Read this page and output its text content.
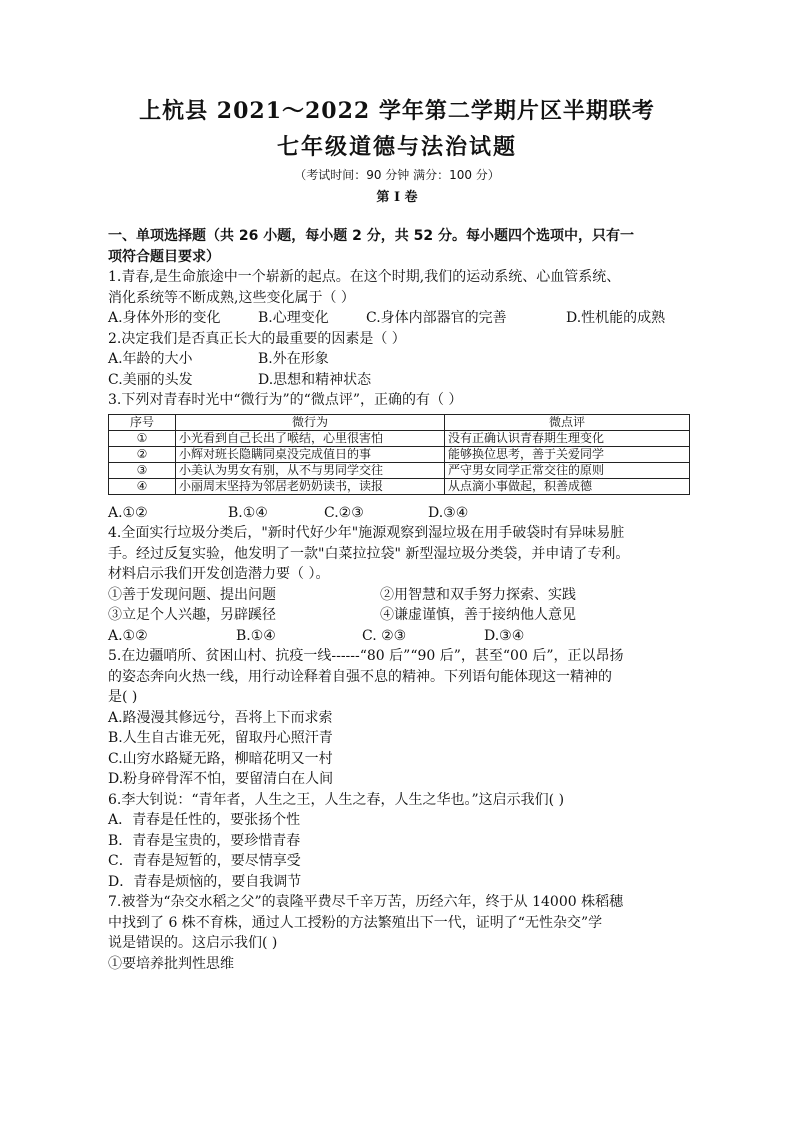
上杭县 2021～2022 学年第二学期片区半期联考
七年级道德与法治试题
（考试时间：90 分钟 满分：100 分）
第 Ⅰ 卷

一、单项选择题（共 26 小题，每小题 2 分，共 52 分。每小题四个选项中，只有一

项符合题目要求）

1.青春,是生命旅途中一个崭新的起点。在这个时期,我们的运动系统、心血管系统、

消化系统等不断成熟,这些变化属于（ ）

A.身体外形的变化	B.心理变化	C.身体内部器官的完善	D.性机能的成熟

2.决定我们是否真正长大的最重要的因素是（ ）

A.年龄的大小	B.外在形象
C.美丽的头发	D.思想和精神状态

3.下列对青春时光中“微行为”的“微点评”，正确的有（ ）

序号	微行为	微点评
①	小光看到自己长出了喉结，心里很害怕	没有正确认识青春期生理变化
②	小辉对班长隐瞒同桌没完成值日的事	能够换位思考，善于关爱同学
③	小美认为男女有别，从不与男同学交往	严守男女同学正常交往的原则
④	小丽周末坚持为邻居老奶奶读书，读报	从点滴小事做起，积善成德
A.①②	B.①④	C.②③	D.③④

4.全面实行垃圾分类后，"新时代好少年"施源观察到湿垃圾在用手破袋时有异味易脏

手。经过反复实验，他发明了一款"白菜拉拉袋" 新型湿垃圾分类袋，并申请了专利。

材料启示我们开发创造潜力要（ ）。

①善于发现问题、提出问题	②用智慧和双手努力探索、实践
③立足个人兴趣，另辟蹊径	④谦虚谨慎，善于接纳他人意见
A.①②	B.①④	C. ②③	D.③④

5.在边疆哨所、贫困山村、抗疫一线------“80 后”“90 后”，甚至“00 后”，正以昂扬

的姿态奔向火热一线，用行动诠释着自强不息的精神。下列语句能体现这一精神的

是( )

A.路漫漫其修远兮，吾将上下而求索

B.人生自古谁无死，留取丹心照汗青

C.山穷水路疑无路，柳暗花明又一村

D.粉身碎骨浑不怕，要留清白在人间

6.李大钊说：“青年者，人生之王，人生之春，人生之华也。”这启示我们( )

A．青春是任性的，要张扬个性

B．青春是宝贵的，要珍惜青春

C．青春是短暂的，要尽情享受

D．青春是烦恼的，要自我调节

7.被誉为“杂交水稻之父”的袁隆平费尽千辛万苦，历经六年，终于从 14000 株稻穗

中找到了 6 株不育株，通过人工授粉的方法繁殖出下一代，证明了“无性杂交”学

说是错误的。这启示我们( )

①要培养批判性思维
